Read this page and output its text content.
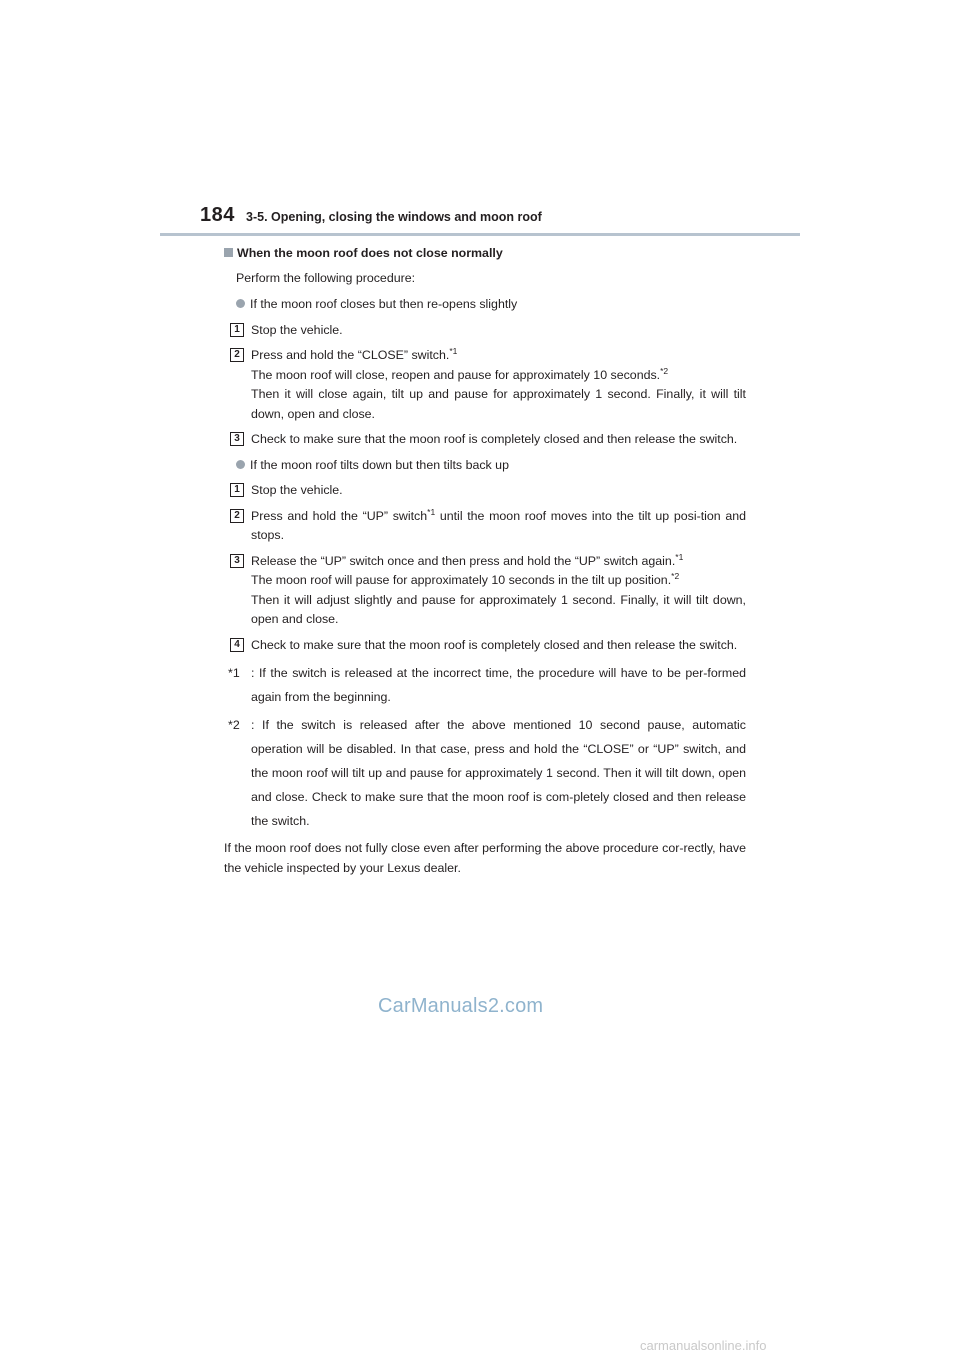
184 3-5. Opening, closing the windows and moon roof
When the moon roof does not close normally
Perform the following procedure:
If the moon roof closes but then re-opens slightly
1 Stop the vehicle.
2 Press and hold the “CLOSE” switch.$^{*1}$
The moon roof will close, reopen and pause for approximately 10 seconds.$^{*2}$
Then it will close again, tilt up and pause for approximately 1 second. Finally, it will tilt down, open and close.
3 Check to make sure that the moon roof is completely closed and then release the switch.
If the moon roof tilts down but then tilts back up
1 Stop the vehicle.
2 Press and hold the “UP” switch$^{*1}$ until the moon roof moves into the tilt up posi-tion and stops.
3 Release the “UP” switch once and then press and hold the “UP” switch again.$^{*1}$
The moon roof will pause for approximately 10 seconds in the tilt up position.$^{*2}$
Then it will adjust slightly and pause for approximately 1 second. Finally, it will tilt down, open and close.
4 Check to make sure that the moon roof is completely closed and then release the switch.
*1 : If the switch is released at the incorrect time, the procedure will have to be per-formed again from the beginning.
*2 : If the switch is released after the above mentioned 10 second pause, automatic operation will be disabled. In that case, press and hold the “CLOSE” or “UP” switch, and the moon roof will tilt up and pause for approximately 1 second. Then it will tilt down, open and close. Check to make sure that the moon roof is com-pletely closed and then release the switch.
If the moon roof does not fully close even after performing the above procedure cor-rectly, have the vehicle inspected by your Lexus dealer.
CarManuals2.com
carmanualsonline.info
